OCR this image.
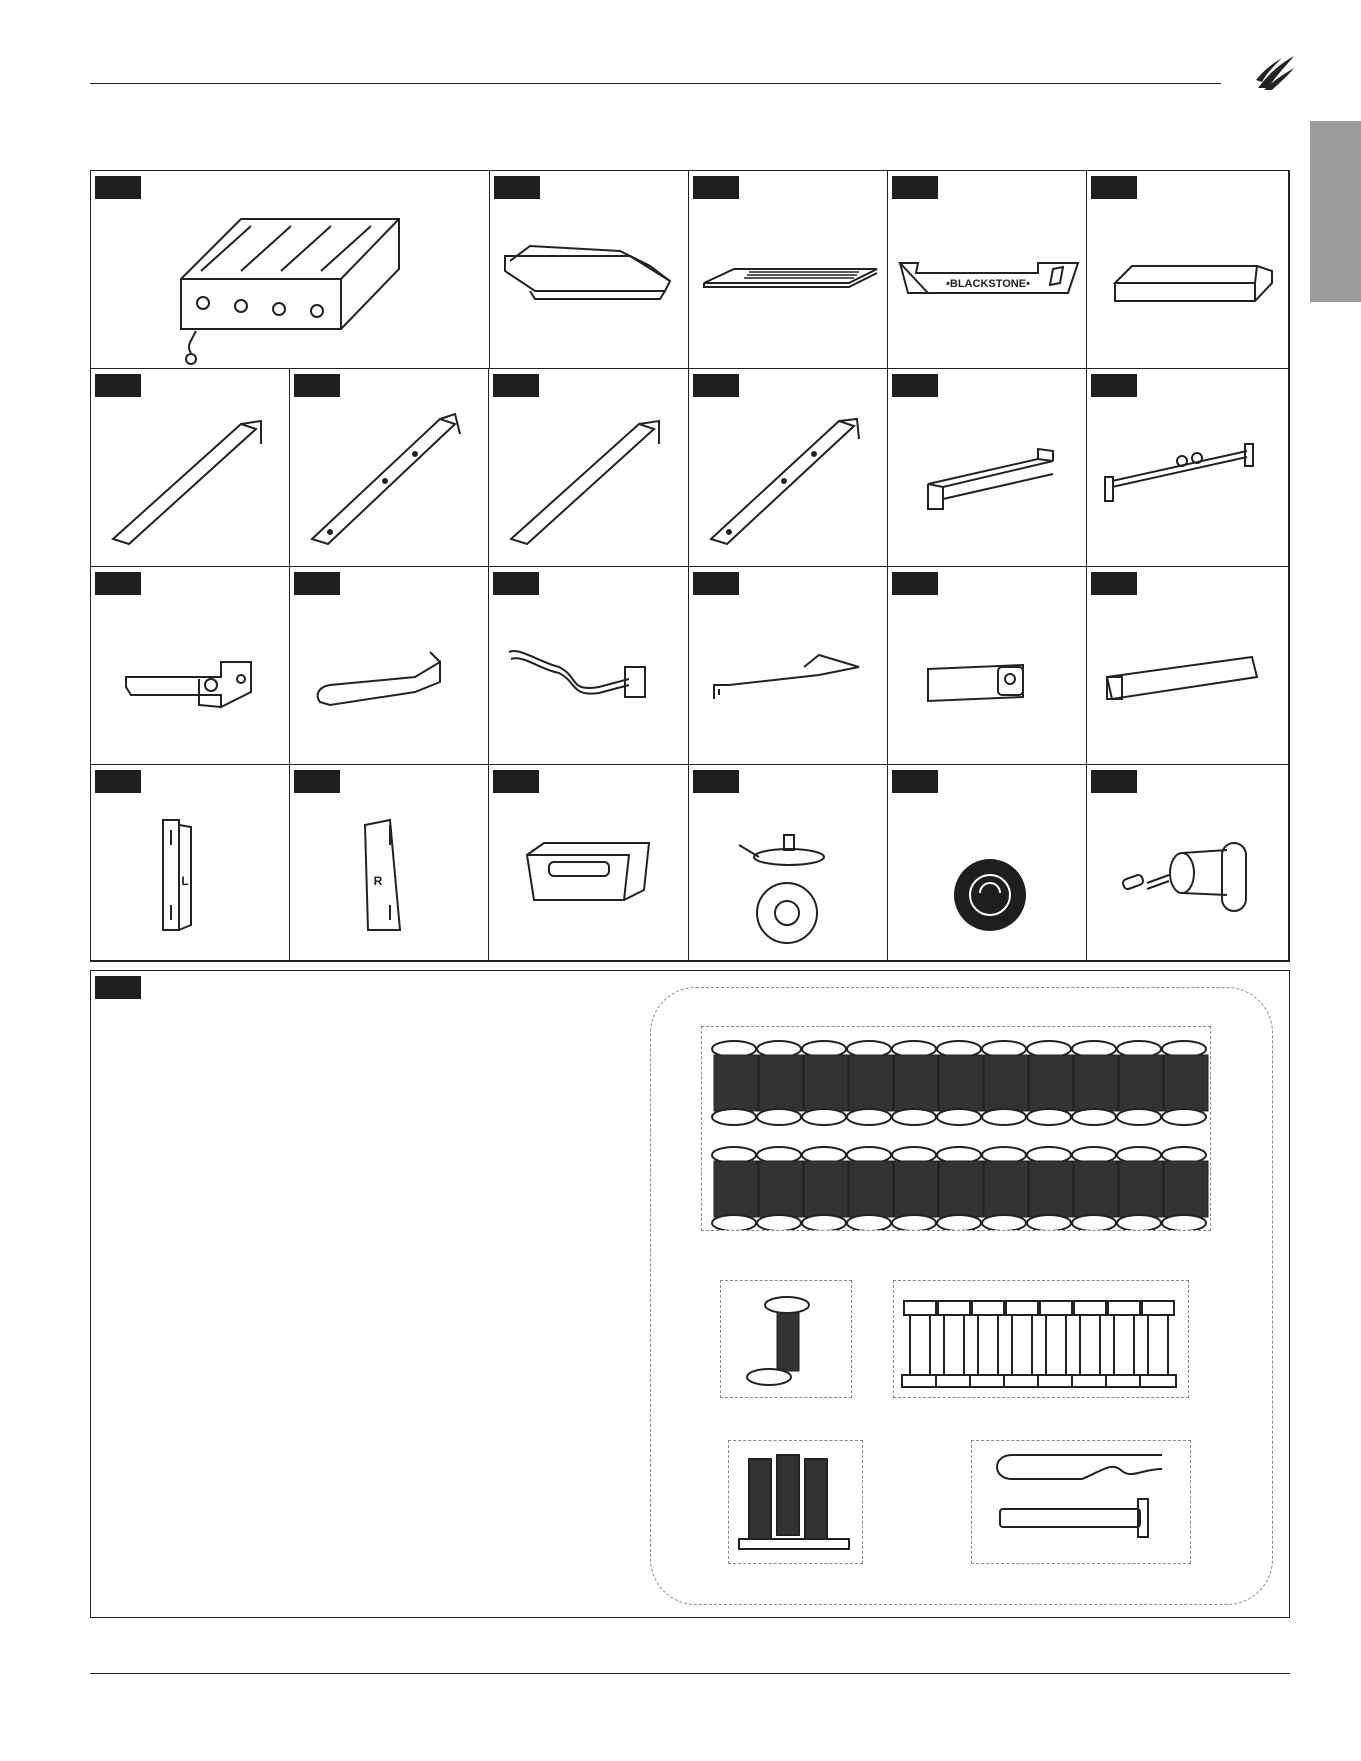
•BLACKSTONE•
L	R
